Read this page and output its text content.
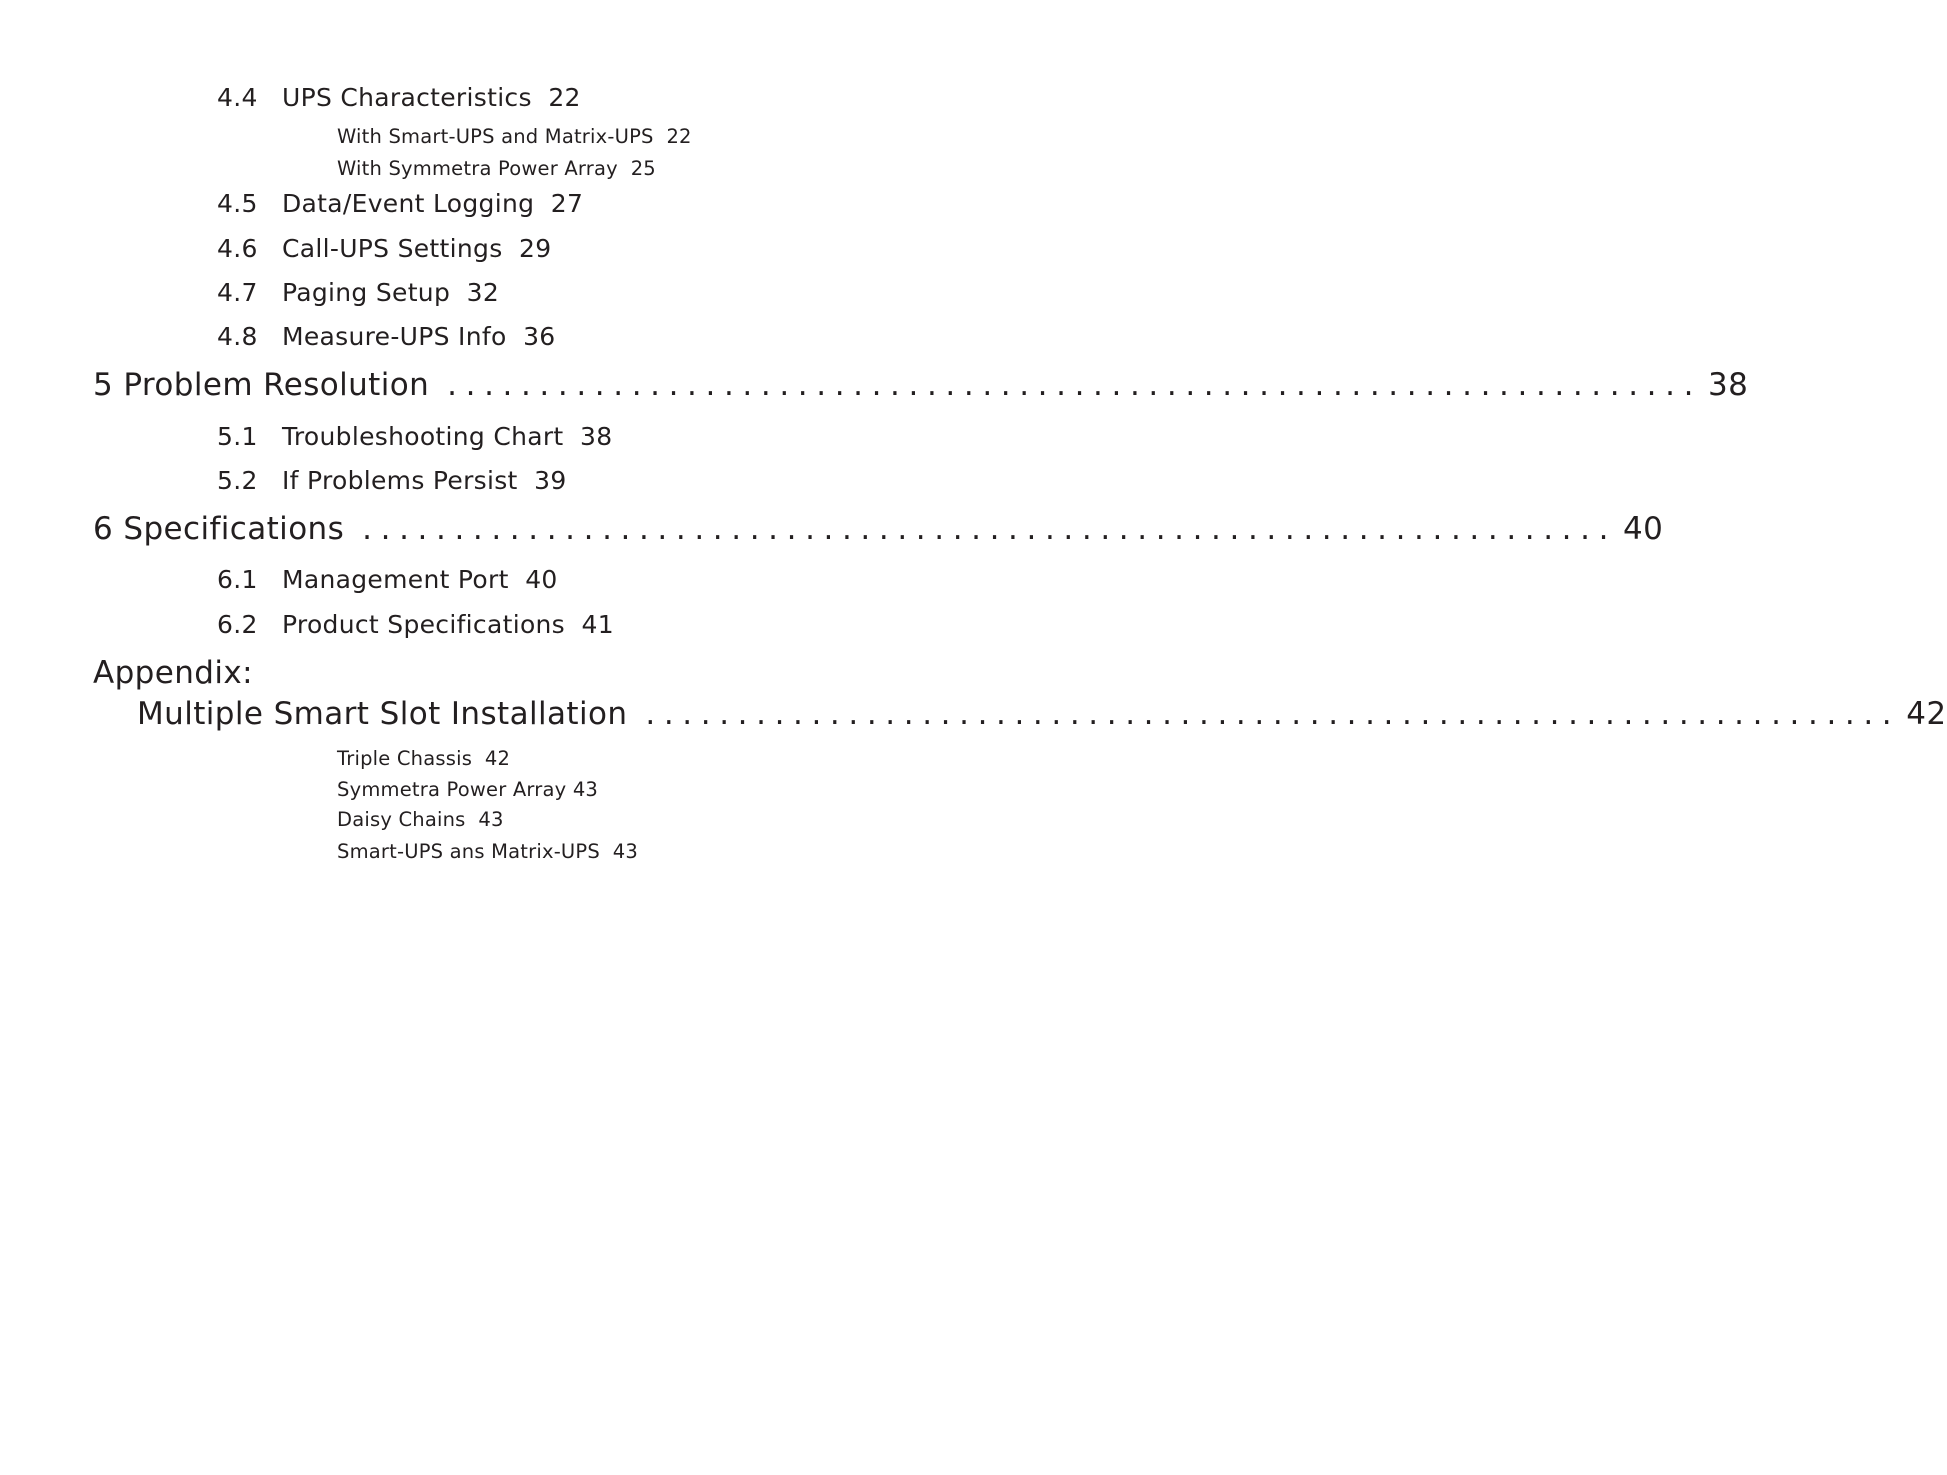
4.4 UPS Characteristics 22
With Smart-UPS and Matrix-UPS 22
With Symmetra Power Array 25
4.5 Data/Event Logging 27
4.6 Call-UPS Settings 29
4.7 Paging Setup 32
4.8 Measure-UPS Info 36
5 Problem Resolution .................................................................... 38
5.1 Troubleshooting Chart 38
5.2 If Problems Persist 39
6 Specifications .................................................................... 40
6.1 Management Port 40
6.2 Product Specifications 41
Appendix:
Multiple Smart Slot Installation .................................................................... 42
Triple Chassis 42
Symmetra Power Array 43
Daisy Chains 43
Smart-UPS ans Matrix-UPS 43
